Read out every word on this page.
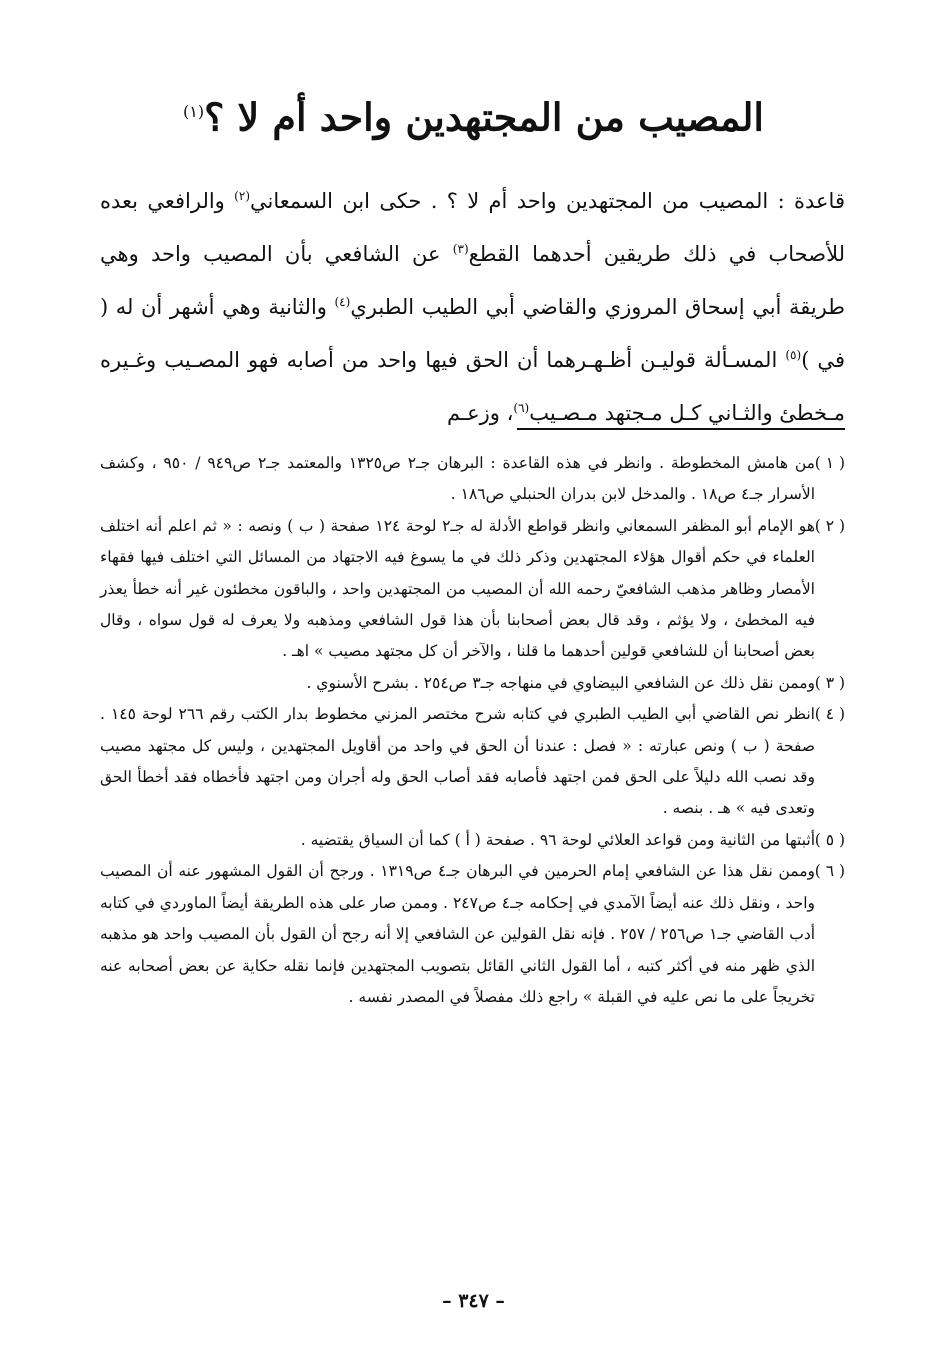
المصيب من المجتهدين واحد أم لا ؟$^{(١)}$
قاعدة : المصيب من المجتهدين واحد أم لا ؟ . حكى ابن السمعاني$^{(٢)}$ والرافعي بعده للأصحاب في ذلك طريقين أحدهما القطع$^{(٣)}$ عن الشافعي بأن المصيب واحد وهي طريقة أبي إسحاق المروزي والقاضي أبي الطيب الطبري$^{(٤)}$ والثانية وهي أشهر أن له ( في )$^{(٥)}$ المسـألة قوليـن أظـهـرهما أن الحق فيها واحد من أصابه فهو المصـيب وغـيره مـخطئ والثـاني كـل مـجتهد مـصـيب$^{(٦)}$، وزعـم

( ١ )
من هامش المخطوطة . وانظر في هذه القاعدة : البرهان جـ٢ ص١٣٢٥ والمعتمد جـ٢ ص٩٤٩ / ٩٥٠ ، وكشف الأسرار جـ٤ ص١٨ . والمدخل لابن بدران الحنبلي ص١٨٦ .

( ٢ )
هو الإمام أبو المظفر السمعاني وانظر قواطع الأدلة له جـ٢ لوحة ١٢٤ صفحة ( ب ) ونصه : « ثم اعلم أنه اختلف العلماء في حكم أقوال هؤلاء المجتهدين وذكر ذلك في ما يسوغ فيه الاجتهاد من المسائل التي اختلف فيها فقهاء الأمصار وظاهر مذهب الشافعيّ رحمه الله أن المصيب من المجتهدين واحد ، والباقون مخطئون غير أنه خطأ يعذر فيه المخطئ ، ولا يؤثم ، وقد قال بعض أصحابنا بأن هذا قول الشافعي ومذهبه ولا يعرف له قول سواه ، وقال بعض أصحابنا أن للشافعي قولين أحدهما ما قلنا ، والآخر أن كل مجتهد مصيب » اهـ .

( ٣ )
وممن نقل ذلك عن الشافعي البيضاوي في منهاجه جـ٣ ص٢٥٤ . بشرح الأسنوي .

( ٤ )
انظر نص القاضي أبي الطيب الطبري في كتابه شرح مختصر المزني مخطوط بدار الكتب رقم ٢٦٦ لوحة ١٤٥ . صفحة ( ب ) ونص عبارته : « فصل : عندنا أن الحق في واحد من أقاويل المجتهدين ، وليس كل مجتهد مصيب وقد نصب الله دليلاً على الحق فمن اجتهد فأصابه فقد أصاب الحق وله أجران ومن اجتهد فأخطاه فقد أخطأ الحق وتعدى فيه » هـ . بنصه .

( ٥ )
أثبتها من الثانية ومن قواعد العلائي لوحة ٩٦ . صفحة ( أ ) كما أن السياق يقتضيه .

( ٦ )
وممن نقل هذا عن الشافعي إمام الحرمين في البرهان جـ٤ ص١٣١٩ . ورجح أن القول المشهور عنه أن المصيب واحد ، ونقل ذلك عنه أيضاً الآمدي في إحكامه جـ٤ ص٢٤٧ . وممن صار على هذه الطريقة أيضاً الماوردي في كتابه أدب القاضي جـ١ ص٢٥٦ / ٢٥٧ . فإنه نقل القولين عن الشافعي إلا أنه رجح أن القول بأن المصيب واحد هو مذهبه الذي ظهر منه في أكثر كتبه ، أما القول الثاني القائل بتصويب المجتهدين فإنما نقله حكاية عن بعض أصحابه عنه تخريجاً على ما نص عليه في القبلة » راجع ذلك مفصلاً في المصدر نفسه .

– ٣٤٧ –
